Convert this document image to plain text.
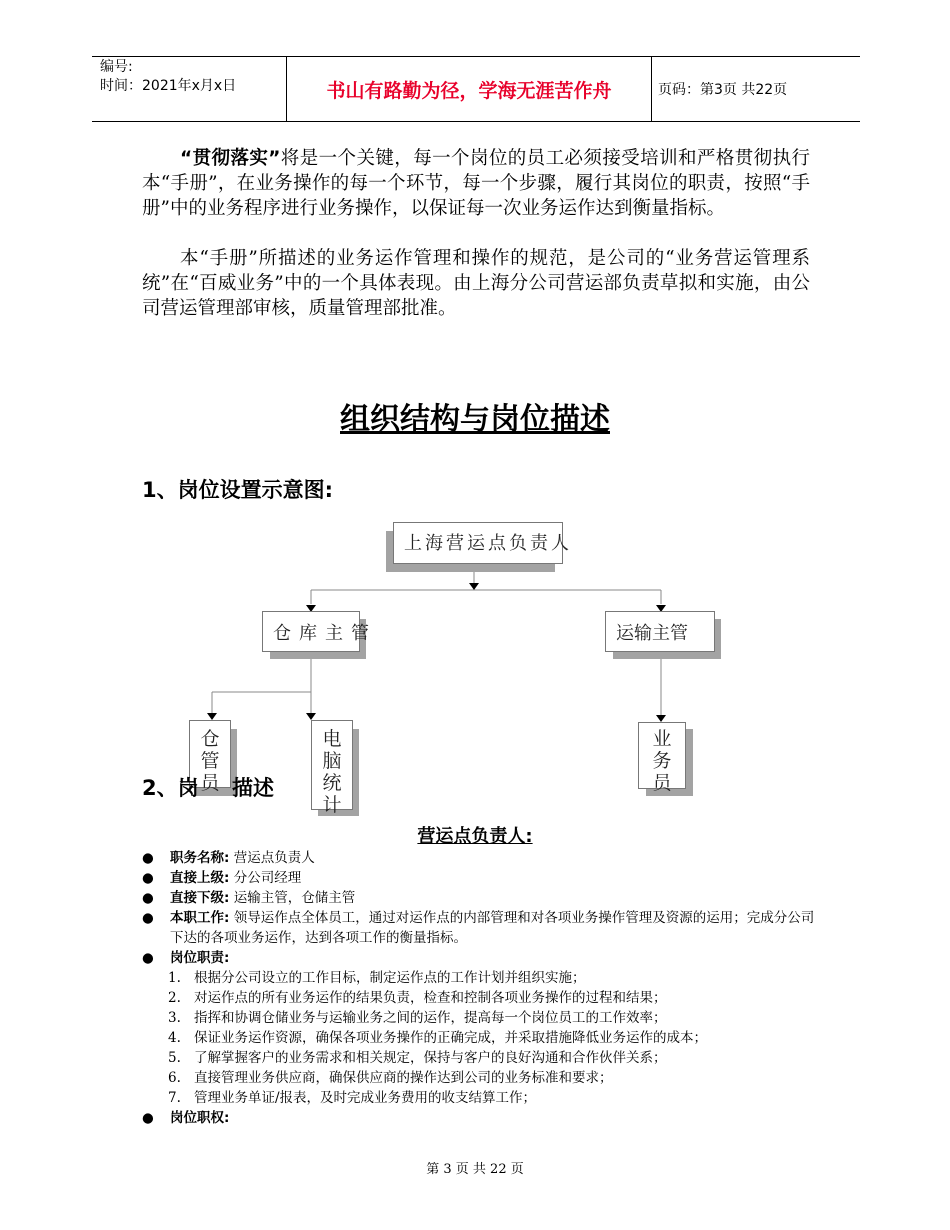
编号:
时间：2021年x月x日	书山有路勤为径，学海无涯苦作舟	页码：第3页 共22页
“贯彻落实”将是一个关键，每一个岗位的员工必须接受培训和严格贯彻执行本“手册”，在业务操作的每一个环节，每一个步骤，履行其岗位的职责，按照“手册”中的业务程序进行业务操作，以保证每一次业务运作达到衡量指标。
本“手册”所描述的业务运作管理和操作的规范，是公司的“业务营运管理系统”在“百威业务”中的一个具体表现。由上海分公司营运部负责草拟和实施，由公司营运管理部审核，质量管理部批准。
组织结构与岗位描述
1、岗位设置示意图:
上海营运点负责人
仓库主管	运输主管
仓管员
电脑统计
业务员
2、岗 描述
营运点负责人:
● 职务名称: 营运点负责人
● 直接上级: 分公司经理
● 直接下级: 运输主管，仓储主管
● 本职工作: 领导运作点全体员工，通过对运作点的内部管理和对各项业务操作管理及资源的运用；完成分公司下达的各项业务运作，达到各项工作的衡量指标。
● 岗位职责:
1. 根据分公司设立的工作目标，制定运作点的工作计划并组织实施；
2. 对运作点的所有业务运作的结果负责，检查和控制各项业务操作的过程和结果；
3. 指挥和协调仓储业务与运输业务之间的运作，提高每一个岗位员工的工作效率；
4. 保证业务运作资源，确保各项业务操作的正确完成，并采取措施降低业务运作的成本；
5. 了解掌握客户的业务需求和相关规定，保持与客户的良好沟通和合作伙伴关系；
6. 直接管理业务供应商，确保供应商的操作达到公司的业务标准和要求；
7. 管理业务单证/报表，及时完成业务费用的收支结算工作；
● 岗位职权:
第 3 页 共 22 页
